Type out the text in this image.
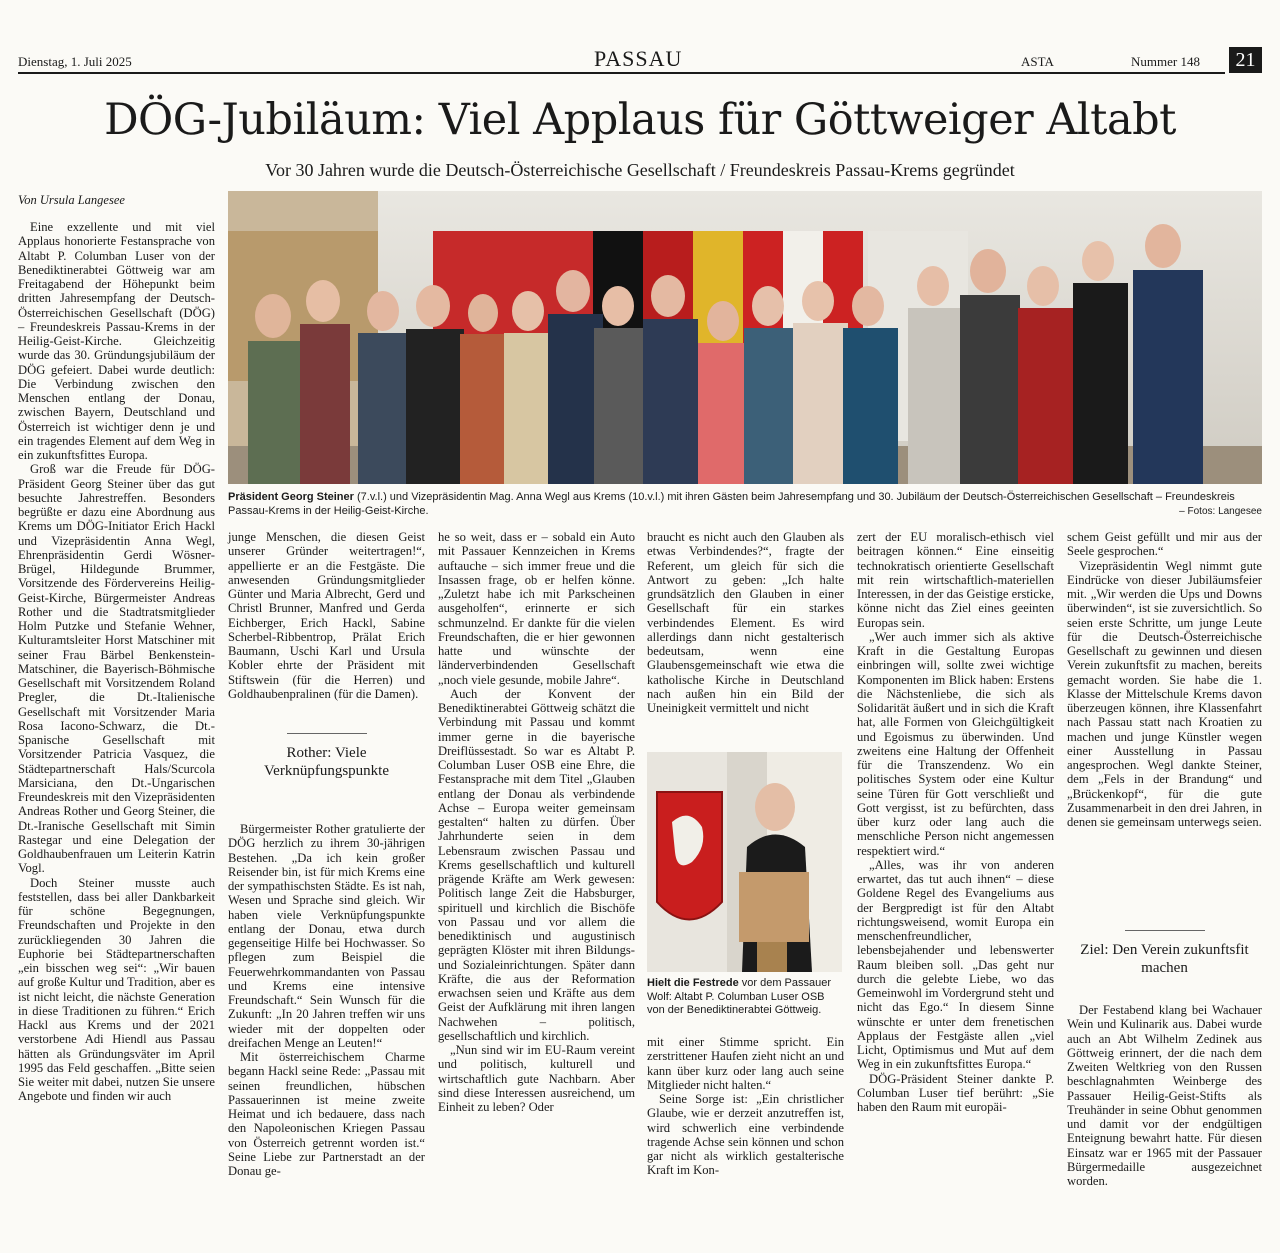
Dienstag, 1. Juli 2025	PASSAU	ASTA	Nummer 148	21
DÖG-Jubiläum: Viel Applaus für Göttweiger Altabt
Vor 30 Jahren wurde die Deutsch-Österreichische Gesellschaft / Freundeskreis Passau-Krems gegründet
Von Ursula Langesee

Eine exzellente und mit viel Applaus honorierte Festansprache von Altabt P. Columban Luser von der Benediktinerabtei Göttweig war am Freitagabend der Höhepunkt beim dritten Jahresempfang der Deutsch-Österreichischen Gesellschaft (DÖG) – Freundeskreis Passau-Krems in der Heilig-Geist-Kirche. Gleichzeitig wurde das 30. Gründungsjubiläum der DÖG gefeiert. Dabei wurde deutlich: Die Verbindung zwischen den Menschen entlang der Donau, zwischen Bayern, Deutschland und Österreich ist wichtiger denn je und ein tragendes Element auf dem Weg in ein zukunftsfittes Europa.

Groß war die Freude für DÖG-Präsident Georg Steiner über das gut besuchte Jahrestreffen. Besonders begrüßte er dazu eine Abordnung aus Krems um DÖG-Initiator Erich Hackl und Vizepräsidentin Anna Wegl, Ehrenpräsidentin Gerdi Wösner-Brügel, Hildegunde Brummer, Vorsitzende des Fördervereins Heilig-Geist-Kirche, Bürgermeister Andreas Rother und die Stadtratsmitglieder Holm Putzke und Stefanie Wehner, Kulturamtsleiter Horst Matschiner mit seiner Frau Bärbel Benkenstein-Matschiner, die Bayerisch-Böhmische Gesellschaft mit Vorsitzendem Roland Pregler, die Dt.-Italienische Gesellschaft mit Vorsitzender Maria Rosa Iacono-Schwarz, die Dt.-Spanische Gesellschaft mit Vorsitzender Patricia Vasquez, die Städtepartnerschaft Hals/Scurcola Marsiciana, den Dt.-Ungarischen Freundeskreis mit den Vizepräsidenten Andreas Rother und Georg Steiner, die Dt.-Iranische Gesellschaft mit Simin Rastegar und eine Delegation der Goldhaubenfrauen um Leiterin Katrin Vogl.

Doch Steiner musste auch feststellen, dass bei aller Dankbarkeit für schöne Begegnungen, Freundschaften und Projekte in den zurückliegenden 30 Jahren die Euphorie bei Städtepartnerschaften „ein bisschen weg sei“: „Wir bauen auf große Kultur und Tradition, aber es ist nicht leicht, die nächste Generation in diese Traditionen zu führen.“ Erich Hackl aus Krems und der 2021 verstorbene Adi Hiendl aus Passau hätten als Gründungsväter im April 1995 das Feld geschaffen. „Bitte seien Sie weiter mit dabei, nutzen Sie unsere Angebote und finden wir auch

Präsident Georg Steiner (7.v.l.) und Vizepräsidentin Mag. Anna Wegl aus Krems (10.v.l.) mit ihren Gästen beim Jahresempfang und 30. Jubiläum der Deutsch-Österreichischen Gesellschaft – Freundeskreis Passau-Krems in der Heilig-Geist-Kirche.	– Fotos: Langesee

junge Menschen, die diesen Geist unserer Gründer weitertragen!“, appellierte er an die Festgäste. Die anwesenden Gründungsmitglieder Günter und Maria Albrecht, Gerd und Christl Brunner, Manfred und Gerda Eichberger, Erich Hackl, Sabine Scherbel-Ribbentrop, Prälat Erich Baumann, Uschi Karl und Ursula Kobler ehrte der Präsident mit Stiftswein (für die Herren) und Goldhaubenpralinen (für die Damen).

Rother: Viele Verknüpfungspunkte

Bürgermeister Rother gratulierte der DÖG herzlich zu ihrem 30-jährigen Bestehen. „Da ich kein großer Reisender bin, ist für mich Krems eine der sympathischsten Städte. Es ist nah, Wesen und Sprache sind gleich. Wir haben viele Verknüpfungspunkte entlang der Donau, etwa durch gegenseitige Hilfe bei Hochwasser. So pflegen zum Beispiel die Feuerwehrkommandanten von Passau und Krems eine intensive Freundschaft.“ Sein Wunsch für die Zukunft: „In 20 Jahren treffen wir uns wieder mit der doppelten oder dreifachen Menge an Leuten!“

Mit österreichischem Charme begann Hackl seine Rede: „Passau mit seinen freundlichen, hübschen Passauerinnen ist meine zweite Heimat und ich bedauere, dass nach den Napoleonischen Kriegen Passau von Österreich getrennt worden ist.“ Seine Liebe zur Partnerstadt an der Donau ge-

he so weit, dass er – sobald ein Auto mit Passauer Kennzeichen in Krems auftauche – sich immer freue und die Insassen frage, ob er helfen könne. „Zuletzt habe ich mit Parkscheinen ausgeholfen“, erinnerte er sich schmunzelnd. Er dankte für die vielen Freundschaften, die er hier gewonnen hatte und wünschte der länderverbindenden Gesellschaft „noch viele gesunde, mobile Jahre“.

Auch der Konvent der Benediktinerabtei Göttweig schätzt die Verbindung mit Passau und kommt immer gerne in die bayerische Dreiflüssestadt. So war es Altabt P. Columban Luser OSB eine Ehre, die Festansprache mit dem Titel „Glauben entlang der Donau als verbindende Achse – Europa weiter gemeinsam gestalten“ halten zu dürfen. Über Jahrhunderte seien in dem Lebensraum zwischen Passau und Krems gesellschaftlich und kulturell prägende Kräfte am Werk gewesen: Politisch lange Zeit die Habsburger, spirituell und kirchlich die Bischöfe von Passau und vor allem die benediktinisch und augustinisch geprägten Klöster mit ihren Bildungs- und Sozialeinrichtungen. Später dann Kräfte, die aus der Reformation erwachsen seien und Kräfte aus dem Geist der Aufklärung mit ihren langen Nachwehen – politisch, gesellschaftlich und kirchlich.

„Nun sind wir im EU-Raum vereint und politisch, kulturell und wirtschaftlich gute Nachbarn. Aber sind diese Interessen ausreichend, um Einheit zu leben? Oder

braucht es nicht auch den Glauben als etwas Verbindendes?“, fragte der Referent, um gleich für sich die Antwort zu geben: „Ich halte grundsätzlich den Glauben in einer Gesellschaft für ein starkes verbindendes Element. Es wird allerdings dann nicht gestalterisch bedeutsam, wenn eine Glaubensgemeinschaft wie etwa die katholische Kirche in Deutschland nach außen hin ein Bild der Uneinigkeit vermittelt und nicht

Hielt die Festrede vor dem Passauer Wolf: Altabt P. Columban Luser OSB von der Benediktinerabtei Göttweig.

mit einer Stimme spricht. Ein zerstrittener Haufen zieht nicht an und kann über kurz oder lang auch seine Mitglieder nicht halten.“

Seine Sorge ist: „Ein christlicher Glaube, wie er derzeit anzutreffen ist, wird schwerlich eine verbindende tragende Achse sein können und schon gar nicht als wirklich gestalterische Kraft im Kon-

zert der EU moralisch-ethisch viel beitragen können.“ Eine einseitig technokratisch orientierte Gesellschaft mit rein wirtschaftlich-materiellen Interessen, in der das Geistige ersticke, könne nicht das Ziel eines geeinten Europas sein.

„Wer auch immer sich als aktive Kraft in die Gestaltung Europas einbringen will, sollte zwei wichtige Komponenten im Blick haben: Erstens die Nächstenliebe, die sich als Solidarität äußert und in sich die Kraft hat, alle Formen von Gleichgültigkeit und Egoismus zu überwinden. Und zweitens eine Haltung der Offenheit für die Transzendenz. Wo ein politisches System oder eine Kultur seine Türen für Gott verschließt und Gott vergisst, ist zu befürchten, dass über kurz oder lang auch die menschliche Person nicht angemessen respektiert wird.“

„Alles, was ihr von anderen erwartet, das tut auch ihnen“ – diese Goldene Regel des Evangeliums aus der Bergpredigt ist für den Altabt richtungsweisend, womit Europa ein menschenfreundlicher, lebensbejahender und lebenswerter Raum bleiben soll. „Das geht nur durch die gelebte Liebe, wo das Gemeinwohl im Vordergrund steht und nicht das Ego.“ In diesem Sinne wünschte er unter dem frenetischen Applaus der Festgäste allen „viel Licht, Optimismus und Mut auf dem Weg in ein zukunftsfittes Europa.“

DÖG-Präsident Steiner dankte P. Columban Luser tief berührt: „Sie haben den Raum mit europäi-

schem Geist gefüllt und mir aus der Seele gesprochen.“

Vizepräsidentin Wegl nimmt gute Eindrücke von dieser Jubiläumsfeier mit. „Wir werden die Ups und Downs überwinden“, ist sie zuversichtlich. So seien erste Schritte, um junge Leute für die Deutsch-Österreichische Gesellschaft zu gewinnen und diesen Verein zukunftsfit zu machen, bereits gemacht worden. Sie habe die 1. Klasse der Mittelschule Krems davon überzeugen können, ihre Klassenfahrt nach Passau statt nach Kroatien zu machen und junge Künstler wegen einer Ausstellung in Passau angesprochen. Wegl dankte Steiner, dem „Fels in der Brandung“ und „Brückenkopf“, für die gute Zusammenarbeit in den drei Jahren, in denen sie gemeinsam unterwegs seien.

Ziel: Den Verein zukunftsfit machen

Der Festabend klang bei Wachauer Wein und Kulinarik aus. Dabei wurde auch an Abt Wilhelm Zedinek aus Göttweig erinnert, der die nach dem Zweiten Weltkrieg von den Russen beschlagnahmten Weinberge des Passauer Heilig-Geist-Stifts als Treuhänder in seine Obhut genommen und damit vor der endgültigen Enteignung bewahrt hatte. Für diesen Einsatz war er 1965 mit der Passauer Bürgermedaille ausgezeichnet worden.
